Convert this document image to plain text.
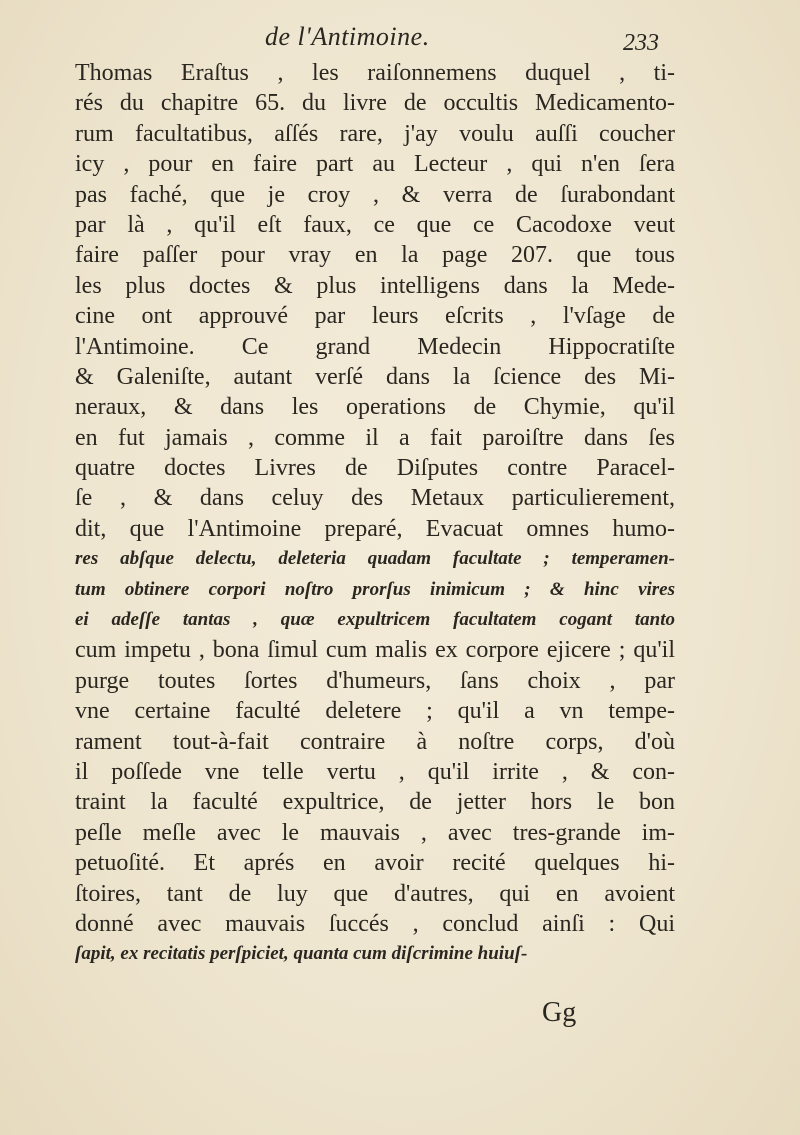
de l'Antimoine.	233
Thomas Eraſtus , les raiſonnemens duquel , ti-
rés du chapitre 65. du livre de occultis Medicamento-
rum facultatibus, aſſés rare, j'ay voulu auſſi coucher
icy , pour en faire part au Lecteur , qui n'en ſera
pas faché, que je croy , & verra de ſurabondant
par là , qu'il eſt faux, ce que ce Cacodoxe veut
faire paſſer pour vray en la page 207. que tous
les plus doctes & plus intelligens dans la Mede-
cine ont approuvé par leurs eſcrits , l'vſage de
l'Antimoine. Ce grand Medecin Hippocratiſte
& Galeniſte, autant verſé dans la ſcience des Mi-
neraux, & dans les operations de Chymie, qu'il
en fut jamais , comme il a fait paroiſtre dans ſes
quatre doctes Livres de Diſputes contre Paracel-
ſe , & dans celuy des Metaux particulierement,
dit, que l'Antimoine preparé, Evacuat omnes humo-
res abſque delectu, deleteria quadam facultate ; temperamen-
tum obtinere corpori noſtro prorſus inimicum ; & hinc vires
ei adeſſe tantas , quæ expultricem facultatem cogant tanto
cum impetu , bona ſimul cum malis ex corpore ejicere ; qu'il
purge toutes ſortes d'humeurs, ſans choix , par
vne certaine faculté deletere ; qu'il a vn tempe-
rament tout-à-fait contraire à noſtre corps, d'où
il poſſede vne telle vertu , qu'il irrite , & con-
traint la faculté expultrice, de jetter hors le bon
peſle meſle avec le mauvais , avec tres-grande im-
petuoſité. Et aprés en avoir recité quelques hi-
ſtoires, tant de luy que d'autres, qui en avoient
donné avec mauvais ſuccés , conclud ainſi : Qui
ſapit, ex recitatis perſpiciet, quanta cum diſcrimine huiuſ-
Gg
